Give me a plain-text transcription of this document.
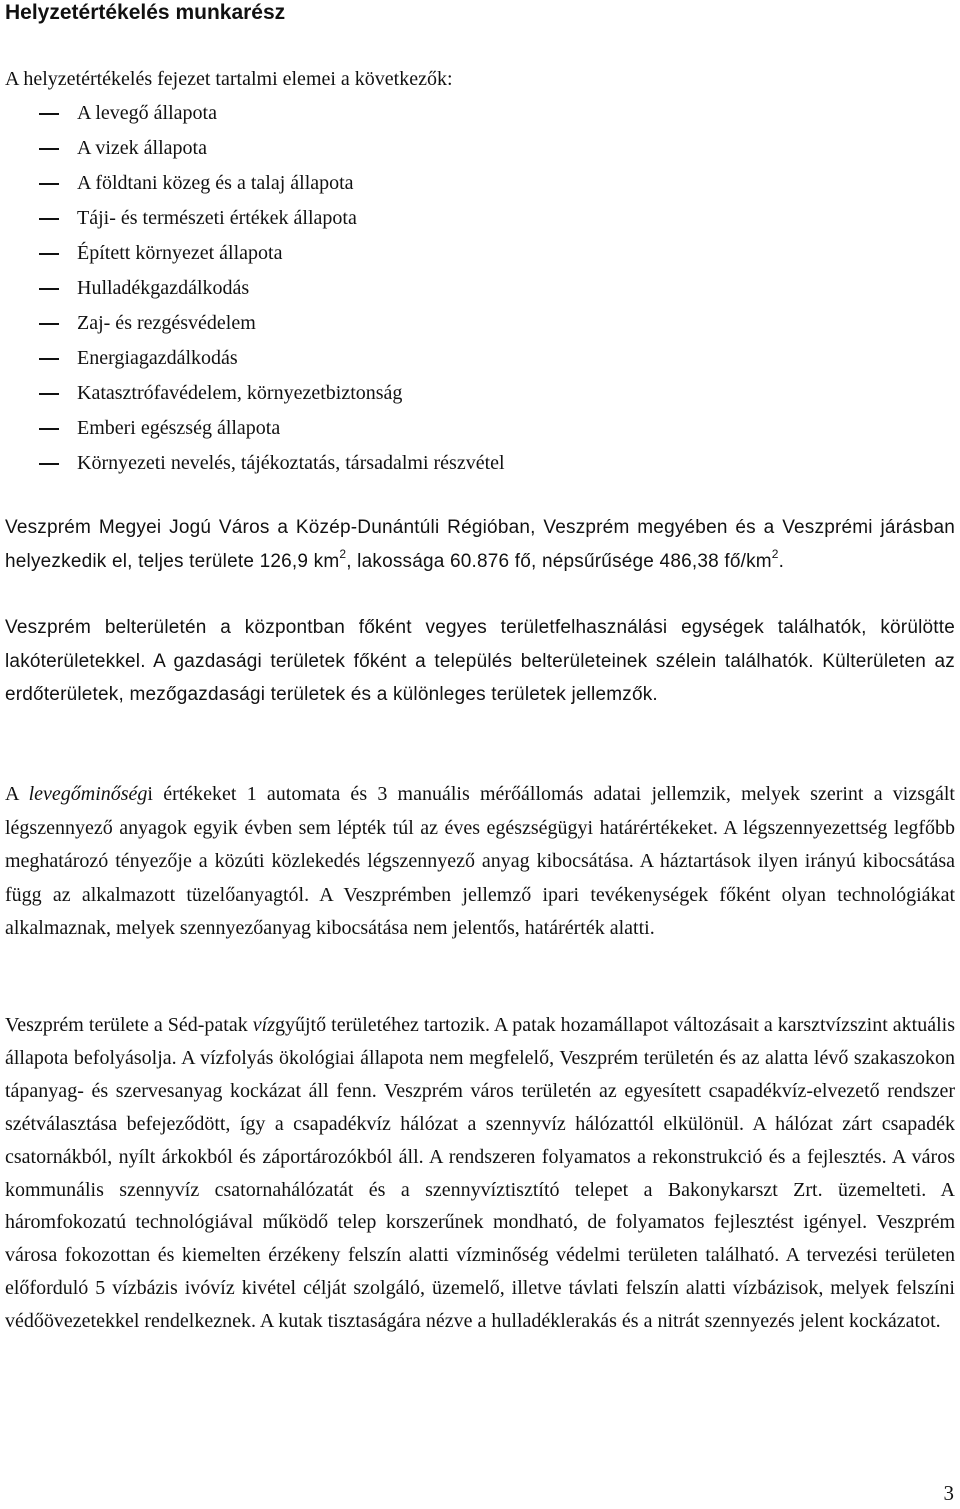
Helyzetértékelés munkarész

A helyzetértékelés fejezet tartalmi elemei a következők:

A levegő állapota
A vizek állapota
A földtani közeg és a talaj állapota
Táji- és természeti értékek állapota
Épített környezet állapota
Hulladékgazdálkodás
Zaj- és rezgésvédelem
Energiagazdálkodás
Katasztrófavédelem, környezetbiztonság
Emberi egészség állapota
Környezeti nevelés, tájékoztatás, társadalmi részvétel

Veszprém Megyei Jogú Város a Közép-Dunántúli Régióban, Veszprém megyében és a Veszprémi járásban helyezkedik el, teljes területe 126,9 $km^2$, lakossága 60.876 fő, népsűrűsége 486,38 $fő/km^2$.

Veszprém belterületén a központban főként vegyes területfelhasználási egységek találhatók, körülötte lakóterületekkel. A gazdasági területek főként a település belterületeinek szélein találhatók. Külterületen az erdőterületek, mezőgazdasági területek és a különleges területek jellemzők.

A levegőminőségi értékeket 1 automata és 3 manuális mérőállomás adatai jellemzik, melyek szerint a vizsgált légszennyező anyagok egyik évben sem lépték túl az éves egészségügyi határértékeket. A légszennyezettség legfőbb meghatározó tényezője a közúti közlekedés légszennyező anyag kibocsátása. A háztartások ilyen irányú kibocsátása függ az alkalmazott tüzelőanyagtól. A Veszprémben jellemző ipari tevékenységek főként olyan technológiákat alkalmaznak, melyek szennyezőanyag kibocsátása nem jelentős, határérték alatti.

Veszprém területe a Séd-patak vízgyűjtő területéhez tartozik. A patak hozamállapot változásait a karsztvízszint aktuális állapota befolyásolja. A vízfolyás ökológiai állapota nem megfelelő, Veszprém területén és az alatta lévő szakaszokon tápanyag- és szervesanyag kockázat áll fenn. Veszprém város területén az egyesített csapadékvíz-elvezető rendszer szétválasztása befejeződött, így a csapadékvíz hálózat a szennyvíz hálózattól elkülönül. A hálózat zárt csapadék csatornákból, nyílt árkokból és záportározókból áll. A rendszeren folyamatos a rekonstrukció és a fejlesztés. A város kommunális szennyvíz csatornahálózatát és a szennyvíztisztító telepet a Bakonykarszt Zrt. üzemelteti. A háromfokozatú technológiával működő telep korszerűnek mondható, de folyamatos fejlesztést igényel. Veszprém városa fokozottan és kiemelten érzékeny felszín alatti vízminőség védelmi területen található. A tervezési területen előforduló 5 vízbázis ivóvíz kivétel célját szolgáló, üzemelő, illetve távlati felszín alatti vízbázisok, melyek felszíni védőövezetekkel rendelkeznek. A kutak tisztaságára nézve a hulladéklerakás és a nitrát szennyezés jelent kockázatot.

3
